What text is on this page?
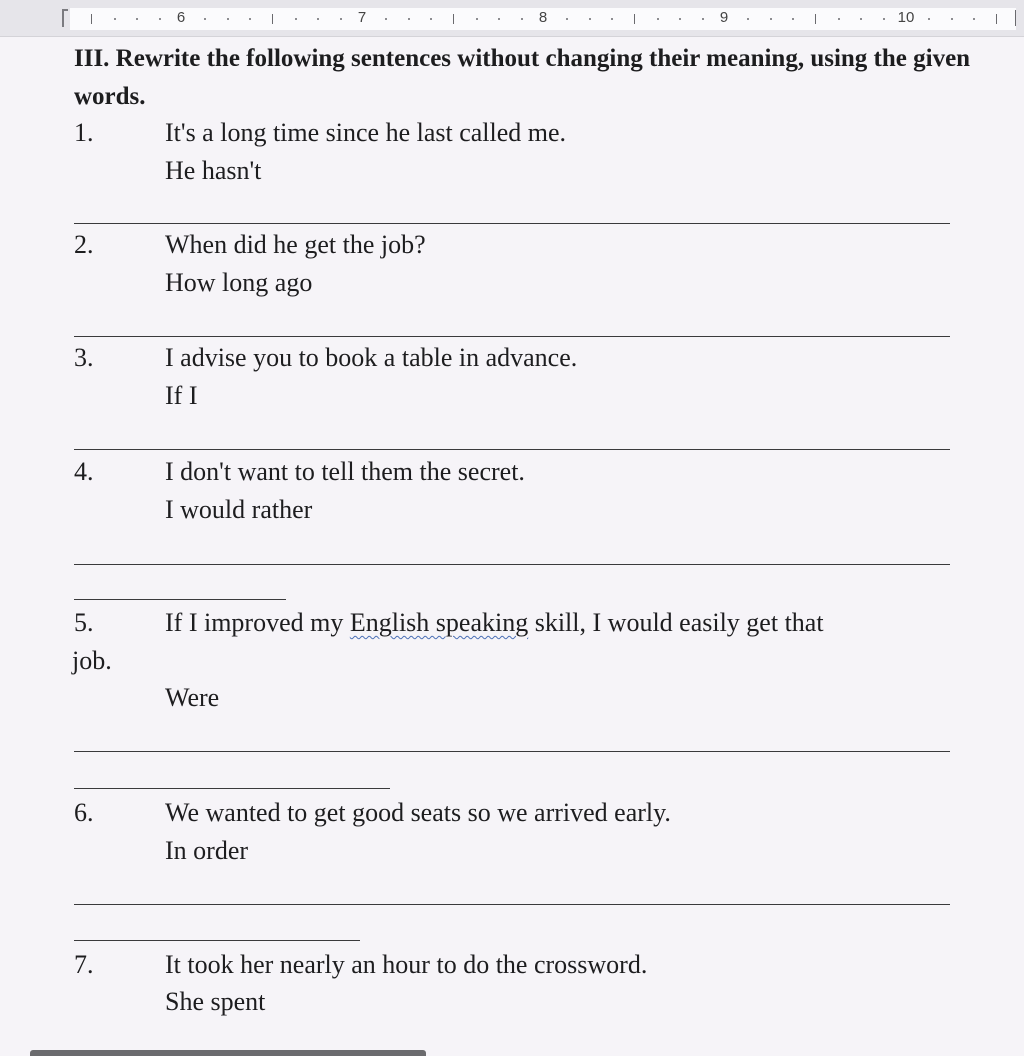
6	7	8	9	10

III. Rewrite the following sentences without changing their meaning, using the given words.

1.	It's a long time since he last called me.
He hasn't
2.	When did he get the job?
How long ago
3.	I advise you to book a table in advance.
If I
4.	I don't want to tell them the secret.
I would rather
5.	If I improved my English speaking skill, I would easily get that
job.
Were
6.	We wanted to get good seats so we arrived early.
In order
7.	It took her nearly an hour to do the crossword.
She spent
